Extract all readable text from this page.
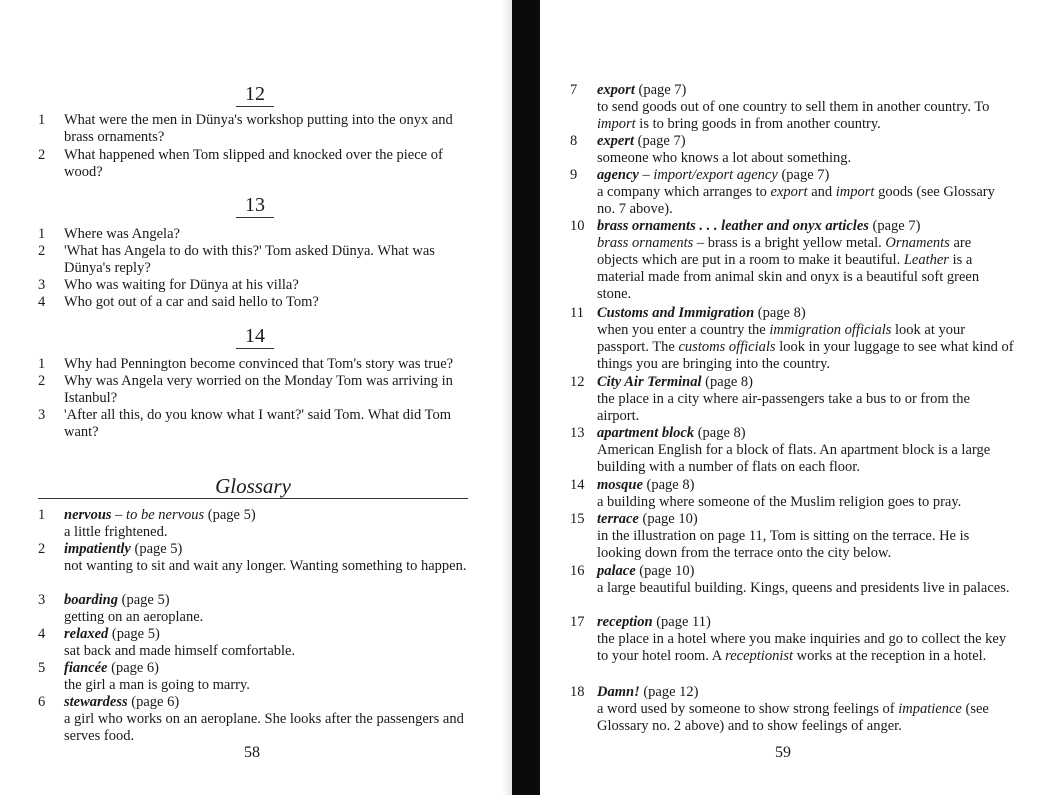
12
1 What were the men in Dünya's workshop putting into the onyx and brass ornaments?
2 What happened when Tom slipped and knocked over the piece of wood?
13
1 Where was Angela?
2 'What has Angela to do with this?' Tom asked Dünya. What was Dünya's reply?
3 Who was waiting for Dünya at his villa?
4 Who got out of a car and said hello to Tom?
14
1 Why had Pennington become convinced that Tom's story was true?
2 Why was Angela very worried on the Monday Tom was arriving in Istanbul?
3 'After all this, do you know what I want?' said Tom. What did Tom want?
Glossary
1 nervous – to be nervous (page 5)
a little frightened.
2 impatiently (page 5)
not wanting to sit and wait any longer. Wanting something to happen.
3 boarding (page 5)
getting on an aeroplane.
4 relaxed (page 5)
sat back and made himself comfortable.
5 fiancée (page 6)
the girl a man is going to marry.
6 stewardess (page 6)
a girl who works on an aeroplane. She looks after the passengers and serves food.
58
7 export (page 7)
to send goods out of one country to sell them in another country. To import is to bring goods in from another country.
8 expert (page 7)
someone who knows a lot about something.
9 agency – import/export agency (page 7)
a company which arranges to export and import goods (see Glossary no. 7 above).
10 brass ornaments . . . leather and onyx articles (page 7)
brass ornaments – brass is a bright yellow metal. Ornaments are objects which are put in a room to make it beautiful. Leather is a material made from animal skin and onyx is a beautiful soft green stone.
11 Customs and Immigration (page 8)
when you enter a country the immigration officials look at your passport. The customs officials look in your luggage to see what kind of things you are bringing into the country.
12 City Air Terminal (page 8)
the place in a city where air-passengers take a bus to or from the airport.
13 apartment block (page 8)
American English for a block of flats. An apartment block is a large building with a number of flats on each floor.
14 mosque (page 8)
a building where someone of the Muslim religion goes to pray.
15 terrace (page 10)
in the illustration on page 11, Tom is sitting on the terrace. He is looking down from the terrace onto the city below.
16 palace (page 10)
a large beautiful building. Kings, queens and presidents live in palaces.
17 reception (page 11)
the place in a hotel where you make inquiries and go to collect the key to your hotel room. A receptionist works at the reception in a hotel.
18 Damn! (page 12)
a word used by someone to show strong feelings of impatience (see Glossary no. 2 above) and to show feelings of anger.
59
